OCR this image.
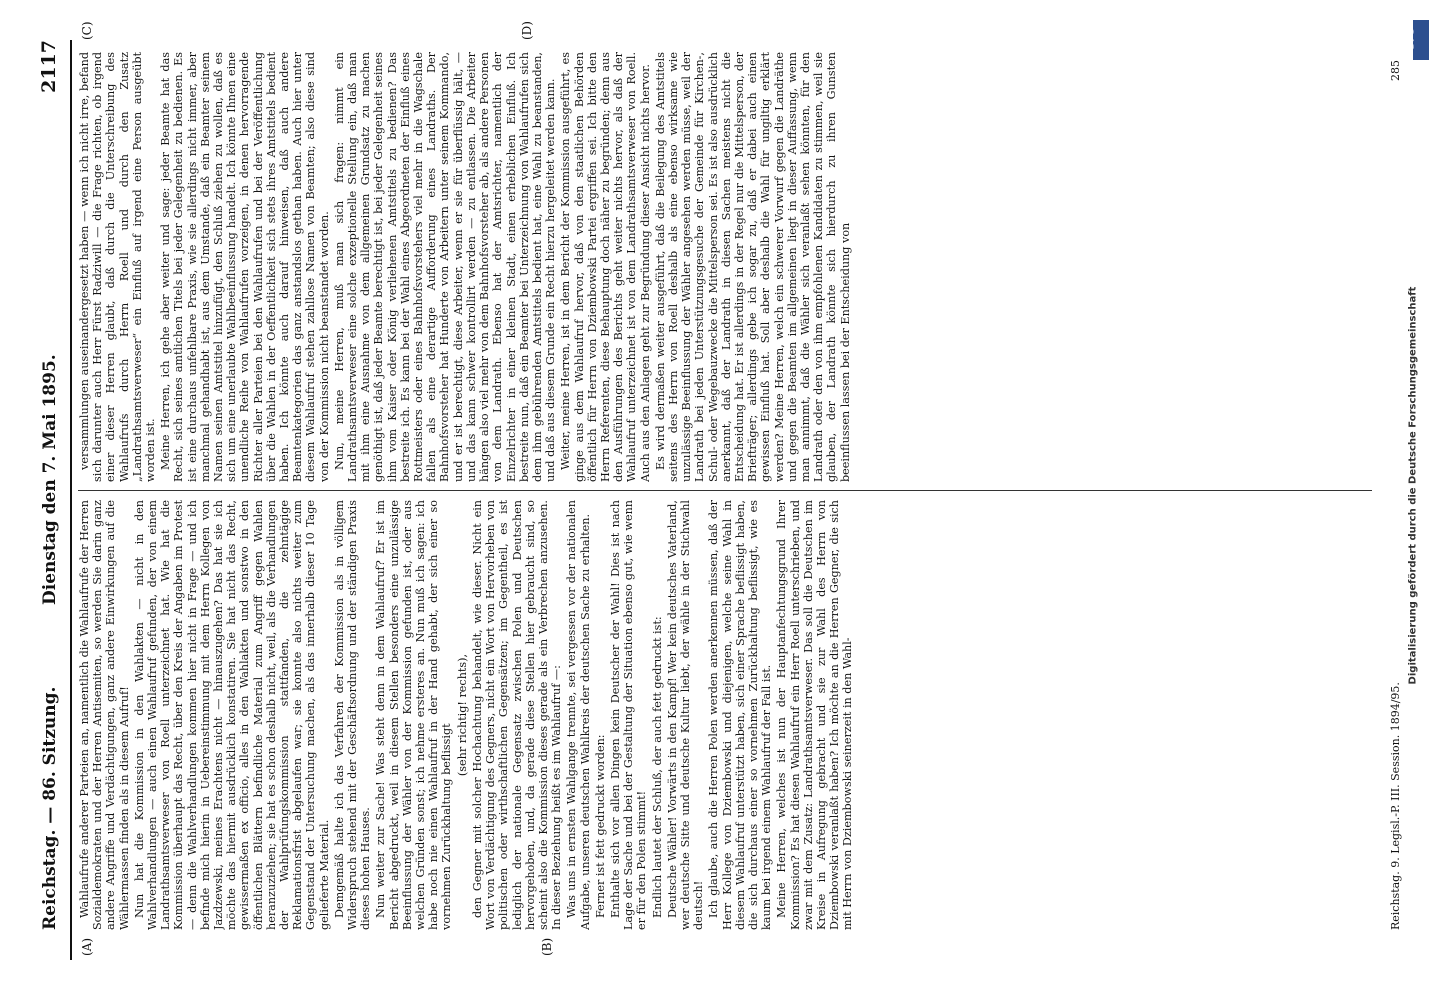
Reichstag. — 86. Sitzung.
Dienstag den 7. Mai 1895.
2117
(A)	(B)
(C)	(D)

Wahlaufrufe anderer Parteien an, namentlich die Wahlaufrufe der Herren Sozialdemokraten und der Herren Antisemiten, so werden Sie darin ganz andere Angriffe und Verdächtigungen, ganz andere Einwirkungen auf die Wählermassen finden als in diesem Aufruf! Nun hat die Kommission in den Wahlakten — nicht in den Wahlverhandlungen — auch einen Wahlaufruf gefunden, der von einem Landrathsamtsverweser von Roell unterzeichnet hat. Wie hat die Kommission überhaupt das Recht, über den Kreis der Angaben im Protest — denn die Wahlverhandlungen kommen hier nicht in Frage — und ich befinde mich hierin in Uebereinstimmung mit dem Herrn Kollegen von Jazdzewski, meines Erachtens nicht — hinauszugehen? Das hat sie ich möchte das hiermit ausdrücklich konstatiren. Sie hat nicht das Recht, gewissermaßen ex officio, alles in den Wahlakten und sonstwo in den öffentlichen Blättern befindliche Material zum Angriff gegen Wahlen heranzuziehen; sie hat es schon deshalb nicht, weil, als die Verhandlungen der Wahlprüfungskommission stattfanden, die zehntägige Reklamationsfrist abgelaufen war; sie konnte also nichts weiter zum Gegenstand der Untersuchung machen, als das innerhalb dieser 10 Tage gelieferte Material. Demgemäß halte ich das Verfahren der Kommission als in völligem Widerspruch stehend mit der Geschäftsordnung und der ständigen Praxis dieses hohen Hauses. Nun weiter zur Sache! Was steht denn in dem Wahlaufruf? Er ist im Bericht abgedruckt, weil in diesem Stellen besonders eine unzulässige Beeinflussung der Wähler von der Kommission gefunden ist, oder aus welchen Gründen sonst; ich nehme ersteres an. Nun muß ich sagen: ich habe noch nie einen Wahlaufruf in der Hand gehabt, der sich einer so vornehmen Zurückhaltung beflissigt

(sehr richtig! rechts), den Gegner mit solcher Hochachtung behandelt, wie dieser. Nicht ein Wort von Verdächtigung des Gegners, nicht ein Wort von Hervorheben von politischen oder wirthschaftlichen Gegensätzen; im Gegentheil, es ist lediglich der nationale Gegensatz zwischen Polen und Deutschen hervorgehoben, und, da gerade diese Stellen hier gebraucht sind, so scheint also die Kommission dieses gerade als ein Verbrechen anzusehen. In dieser Beziehung heißt es im Wahlaufruf —: Was uns in ernsten Wahlgange trennte, sei vergessen vor der nationalen Aufgabe, unseren deutschen Wahlkreis der deutschen Sache zu erhalten. Ferner ist fett gedruckt worden: Enthalte sich vor allen Dingen kein Deutscher der Wahl! Dies ist nach Lage der Sache und bei der Gestaltung der Situation ebenso gut, wie wenn er für den Polen stimmt! Endlich lautet der Schluß, der auch fett gedruckt ist: Deutsche Wähler! Vorwärts in den Kampf! Wer kein deutsches Vaterland, wer deutsche Sitte und deutsche Kultur liebt, der wähle in der Stichwahl deutsch! Ich glaube, auch die Herren Polen werden anerkennen müssen, daß der Herr Kollege von Dziembowski und diejenigen, welche seine Wahl in diesem Wahlaufruf unterstützt haben, sich einer Sprache beflissigt haben, die sich durchaus einer so vornehmen Zurückhaltung beflissigt, wie es kaum bei irgend einem Wahlaufruf der Fall ist. Meine Herren, welches ist nun der Hauptanfechtungsgrund Ihrer Kommission? Es hat diesen Wahlaufruf ein Herr Roell unterschrieben, und zwar mit dem Zusatz: Landrathsamtsverweser. Das soll die Deutschen im Kreise in Aufregung gebracht und sie zur Wahl des Herrn von Dziembowski veranlaßt haben? Ich möchte an die Herren Gegner, die sich mit Herrn von Dziembowski seinerzeit in den Wahl-

versammlungen auseinandergesetzt haben — wenn ich nicht irre, befand sich darunter auch Herr Fürst Radziwill — die Frage richten, ob irgend einer dieser Herren glaubt, daß durch die Unterschreibung des Wahlaufrufs durch Herrn Roell und durch den Zusatz „Landrathsamtsverweser“ ein Einfluß auf irgend eine Person ausgeübt worden ist. Meine Herren, ich gehe aber weiter und sage: jeder Beamte hat das Recht, sich seines amtlichen Titels bei jeder Gelegenheit zu bedienen. Es ist eine durchaus unfehlbare Praxis, wie sie allerdings nicht immer, aber manchmal gehandhabt ist, aus dem Umstande, daß ein Beamter seinem Namen seinen Amtstitel hinzufügt, den Schluß ziehen zu wollen, daß es sich um eine unerlaubte Wahlbeeinflussung handelt. Ich könnte Ihnen eine unendliche Reihe von Wahlaufrufen vorzeigen, in denen hervorragende Richter aller Parteien bei den Wahlaufrufen und bei der Veröffentlichung über die Wahlen in der Oeffentlichkeit sich stets ihres Amtstitels bedient haben. Ich könnte auch darauf hinweisen, daß auch andere Beamtenkategorien das ganz anstandslos gethan haben. Auch hier unter diesem Wahlaufruf stehen zahllose Namen von Beamten; also diese sind von der Kommission nicht beanstandet worden. Nun, meine Herren, muß man sich fragen: nimmt ein Landrathsamtsverweser eine solche exzeptionelle Stellung ein, daß man mit ihm eine Ausnahme von dem allgemeinen Grundsatz zu machen genöthigt ist, daß jeder Beamte berechtigt ist, bei jeder Gelegenheit seines ihm vom Kaiser oder König verliehenen Amtstitels zu bedienen? Das bestreite ich. Es kann bei der Wahl eines Abgeordneten der Einfluß eines Rottmeisters oder eines Bahnhofsvorstehers viel mehr in die Wagschale fallen als eine derartige Aufforderung eines Landraths. Der Bahnhofsvorsteher hat Hunderte von Arbeitern unter seinem Kommando, und er ist berechtigt, diese Arbeiter, wenn er sie für überflüssig hält, — und das kann schwer kontrollirt werden — zu entlassen. Die Arbeiter hängen also viel mehr von dem Bahnhofsvorsteher ab, als andere Personen von dem Landrath. Ebenso hat der Amtsrichter, namentlich der Einzelrichter in einer kleinen Stadt, einen erheblichen Einfluß. Ich bestreite nun, daß ein Beamter bei Unterzeichnung von Wahlaufrufen sich dem ihm gebührenden Amtstitels bedient hat, eine Wahl zu beanstanden, und daß aus diesem Grunde ein Recht hierzu hergeleitet werden kann. Weiter, meine Herren, ist in dem Bericht der Kommission ausgeführt, es ginge aus dem Wahlaufruf hervor, daß von den staatlichen Behörden öffentlich für Herrn von Dziembowski Partei ergriffen sei. Ich bitte den Herrn Referenten, diese Behauptung doch näher zu begründen; denn aus den Ausführungen des Berichts geht weiter nichts hervor, als daß der Wahlaufruf unterzeichnet ist von dem Landrathsamtsverweser von Roell. Auch aus den Anlagen geht zur Begründung dieser Ansicht nichts hervor. Es wird dermaßen weiter ausgeführt, daß die Beilegung des Amtstitels seitens des Herrn von Roell deshalb als eine ebenso wirksame wie unzulässige Beeinflussung der Wähler angesehen werden müsse, weil der Landrath bei jeden Unterstützungsgesuche der Gemeinde für Kirchen-, Schul- oder Wegebauzwecke die Mittelsperson sei. Es ist also ausdrücklich anerkannt, daß der Landrath in diesen Sachen meistens nicht die Entscheidung hat. Er ist allerdings in der Regel nur die Mittelsperson, der Briefträger; allerdings gebe ich sogar zu, daß er dabei auch einen gewissen Einfluß hat. Soll aber deshalb die Wahl für ungiltig erklärt werden? Meine Herren, welch ein schwerer Vorwurf gegen die Landräthe und gegen die Beamten im allgemeinen liegt in dieser Auffassung, wenn man annimmt, daß die Wähler sich veranlaßt sehen könnten, für den Landrath oder den von ihm empfohlenen Kandidaten zu stimmen, weil sie glauben, der Landrath könnte sich hierdurch zu ihren Gunsten beeinflussen lassen bei der Entscheidung von

Reichstag. 9. Legisl.-P. III. Session. 1894/95.
285
Digitalisierung gefördert durch die Deutsche Forschungsgemeinschaft
DFG
